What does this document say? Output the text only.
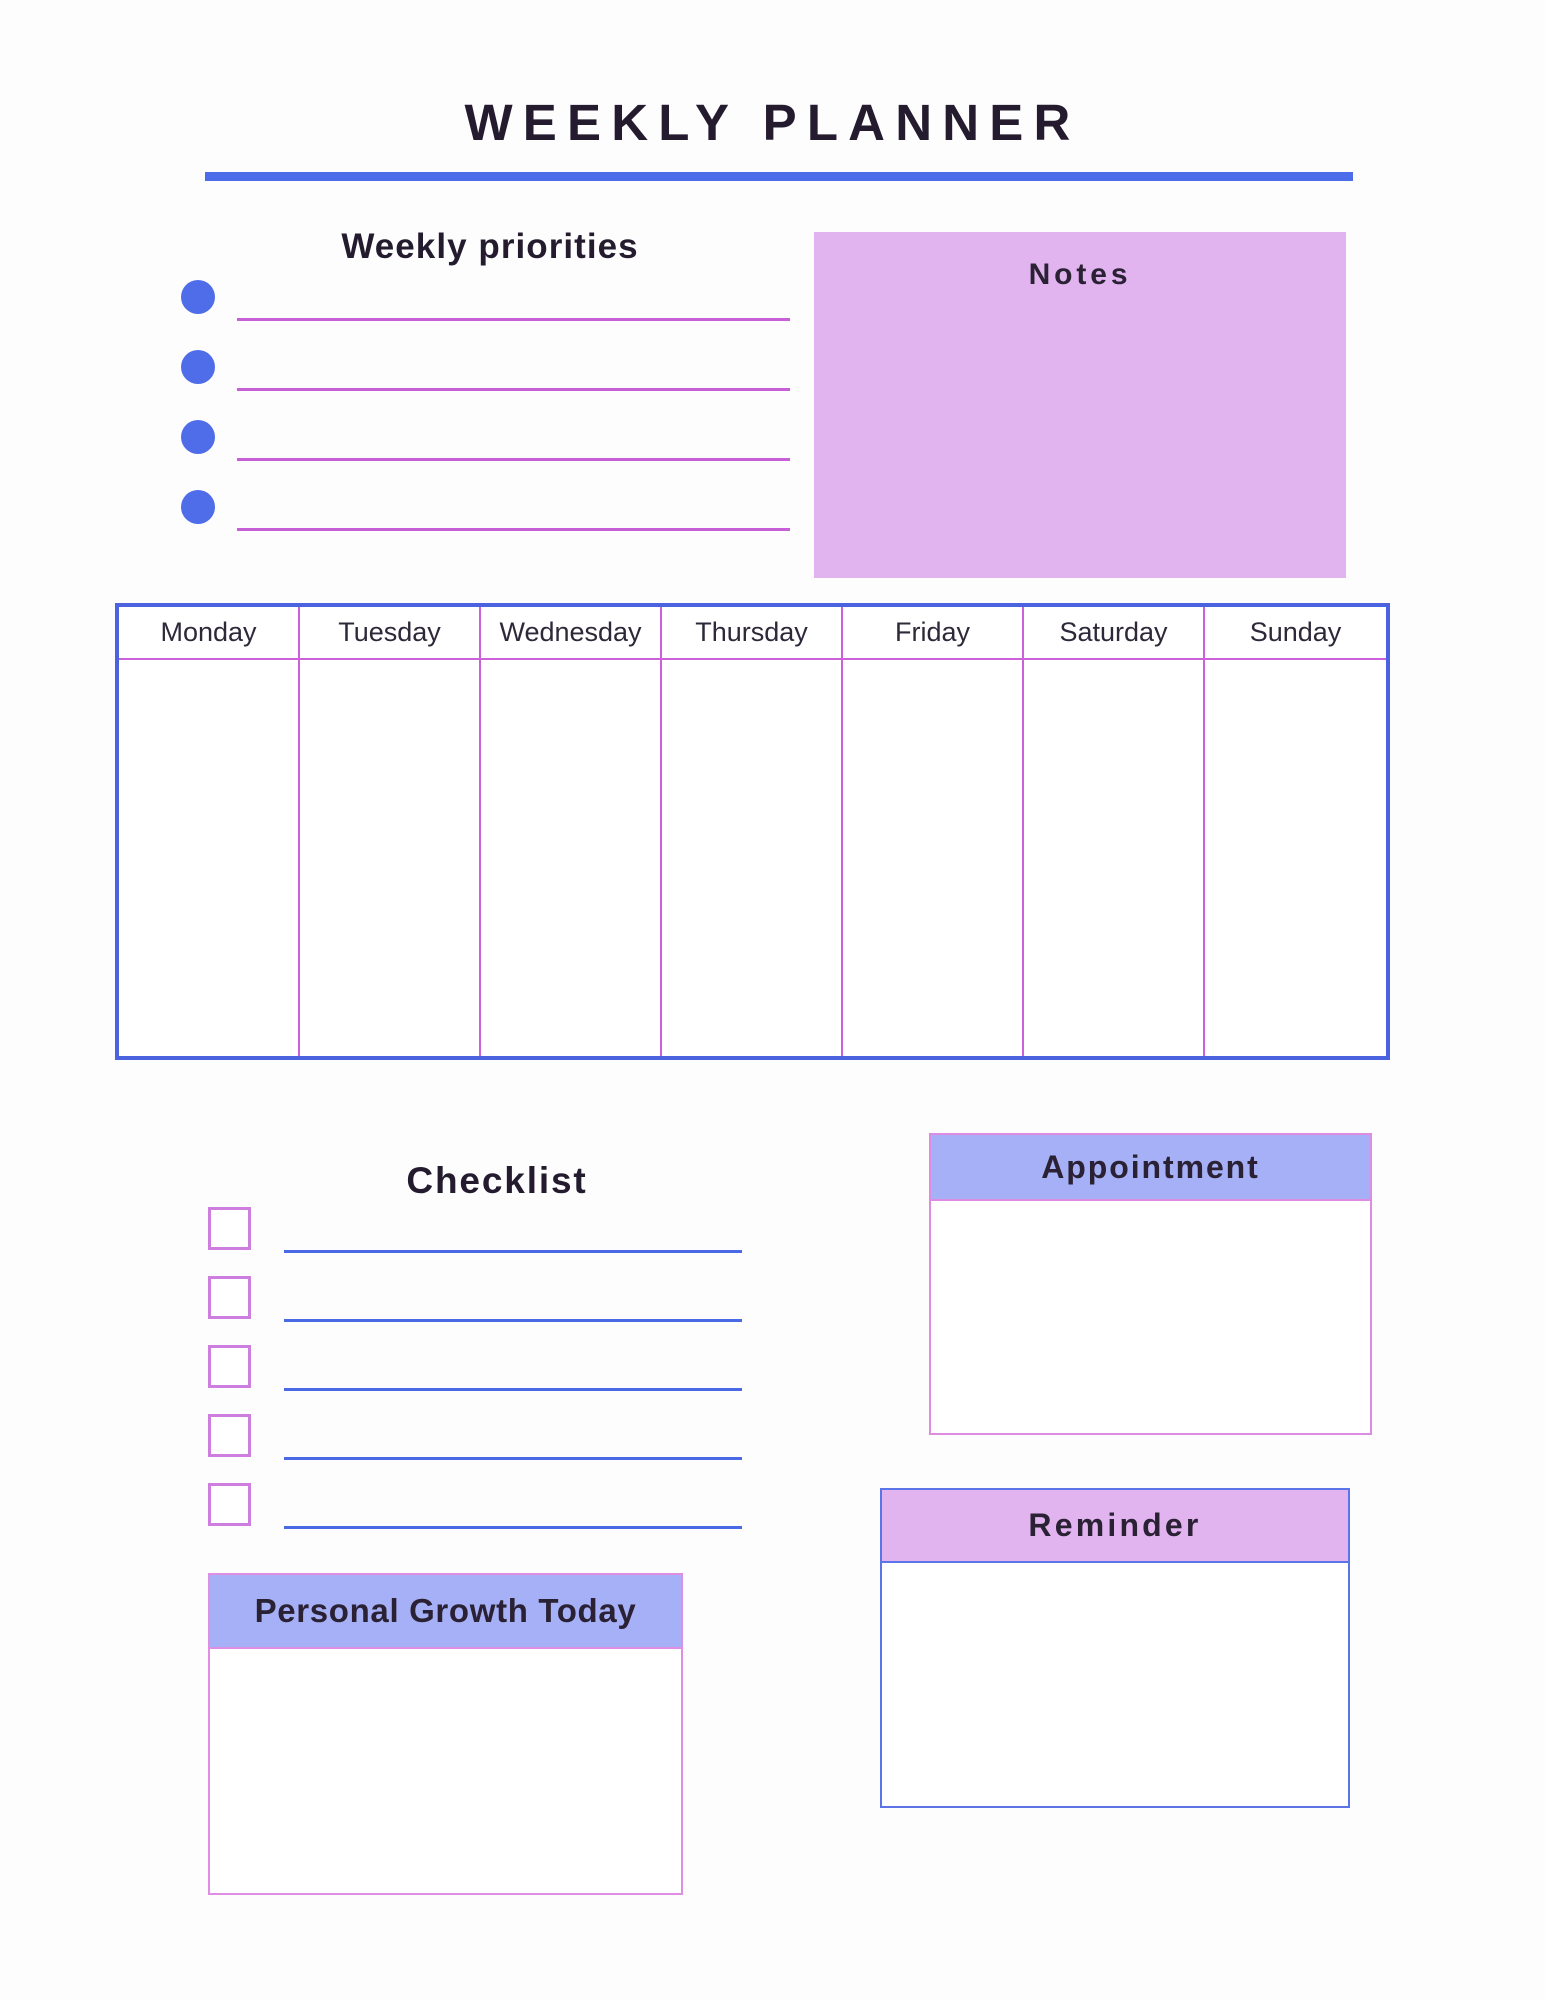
WEEKLY PLANNER
Weekly priorities
Notes
Monday	Tuesday	Wednesday	Thursday	Friday	Saturday	Sunday
Checklist	Appointment
Reminder
Personal Growth Today
